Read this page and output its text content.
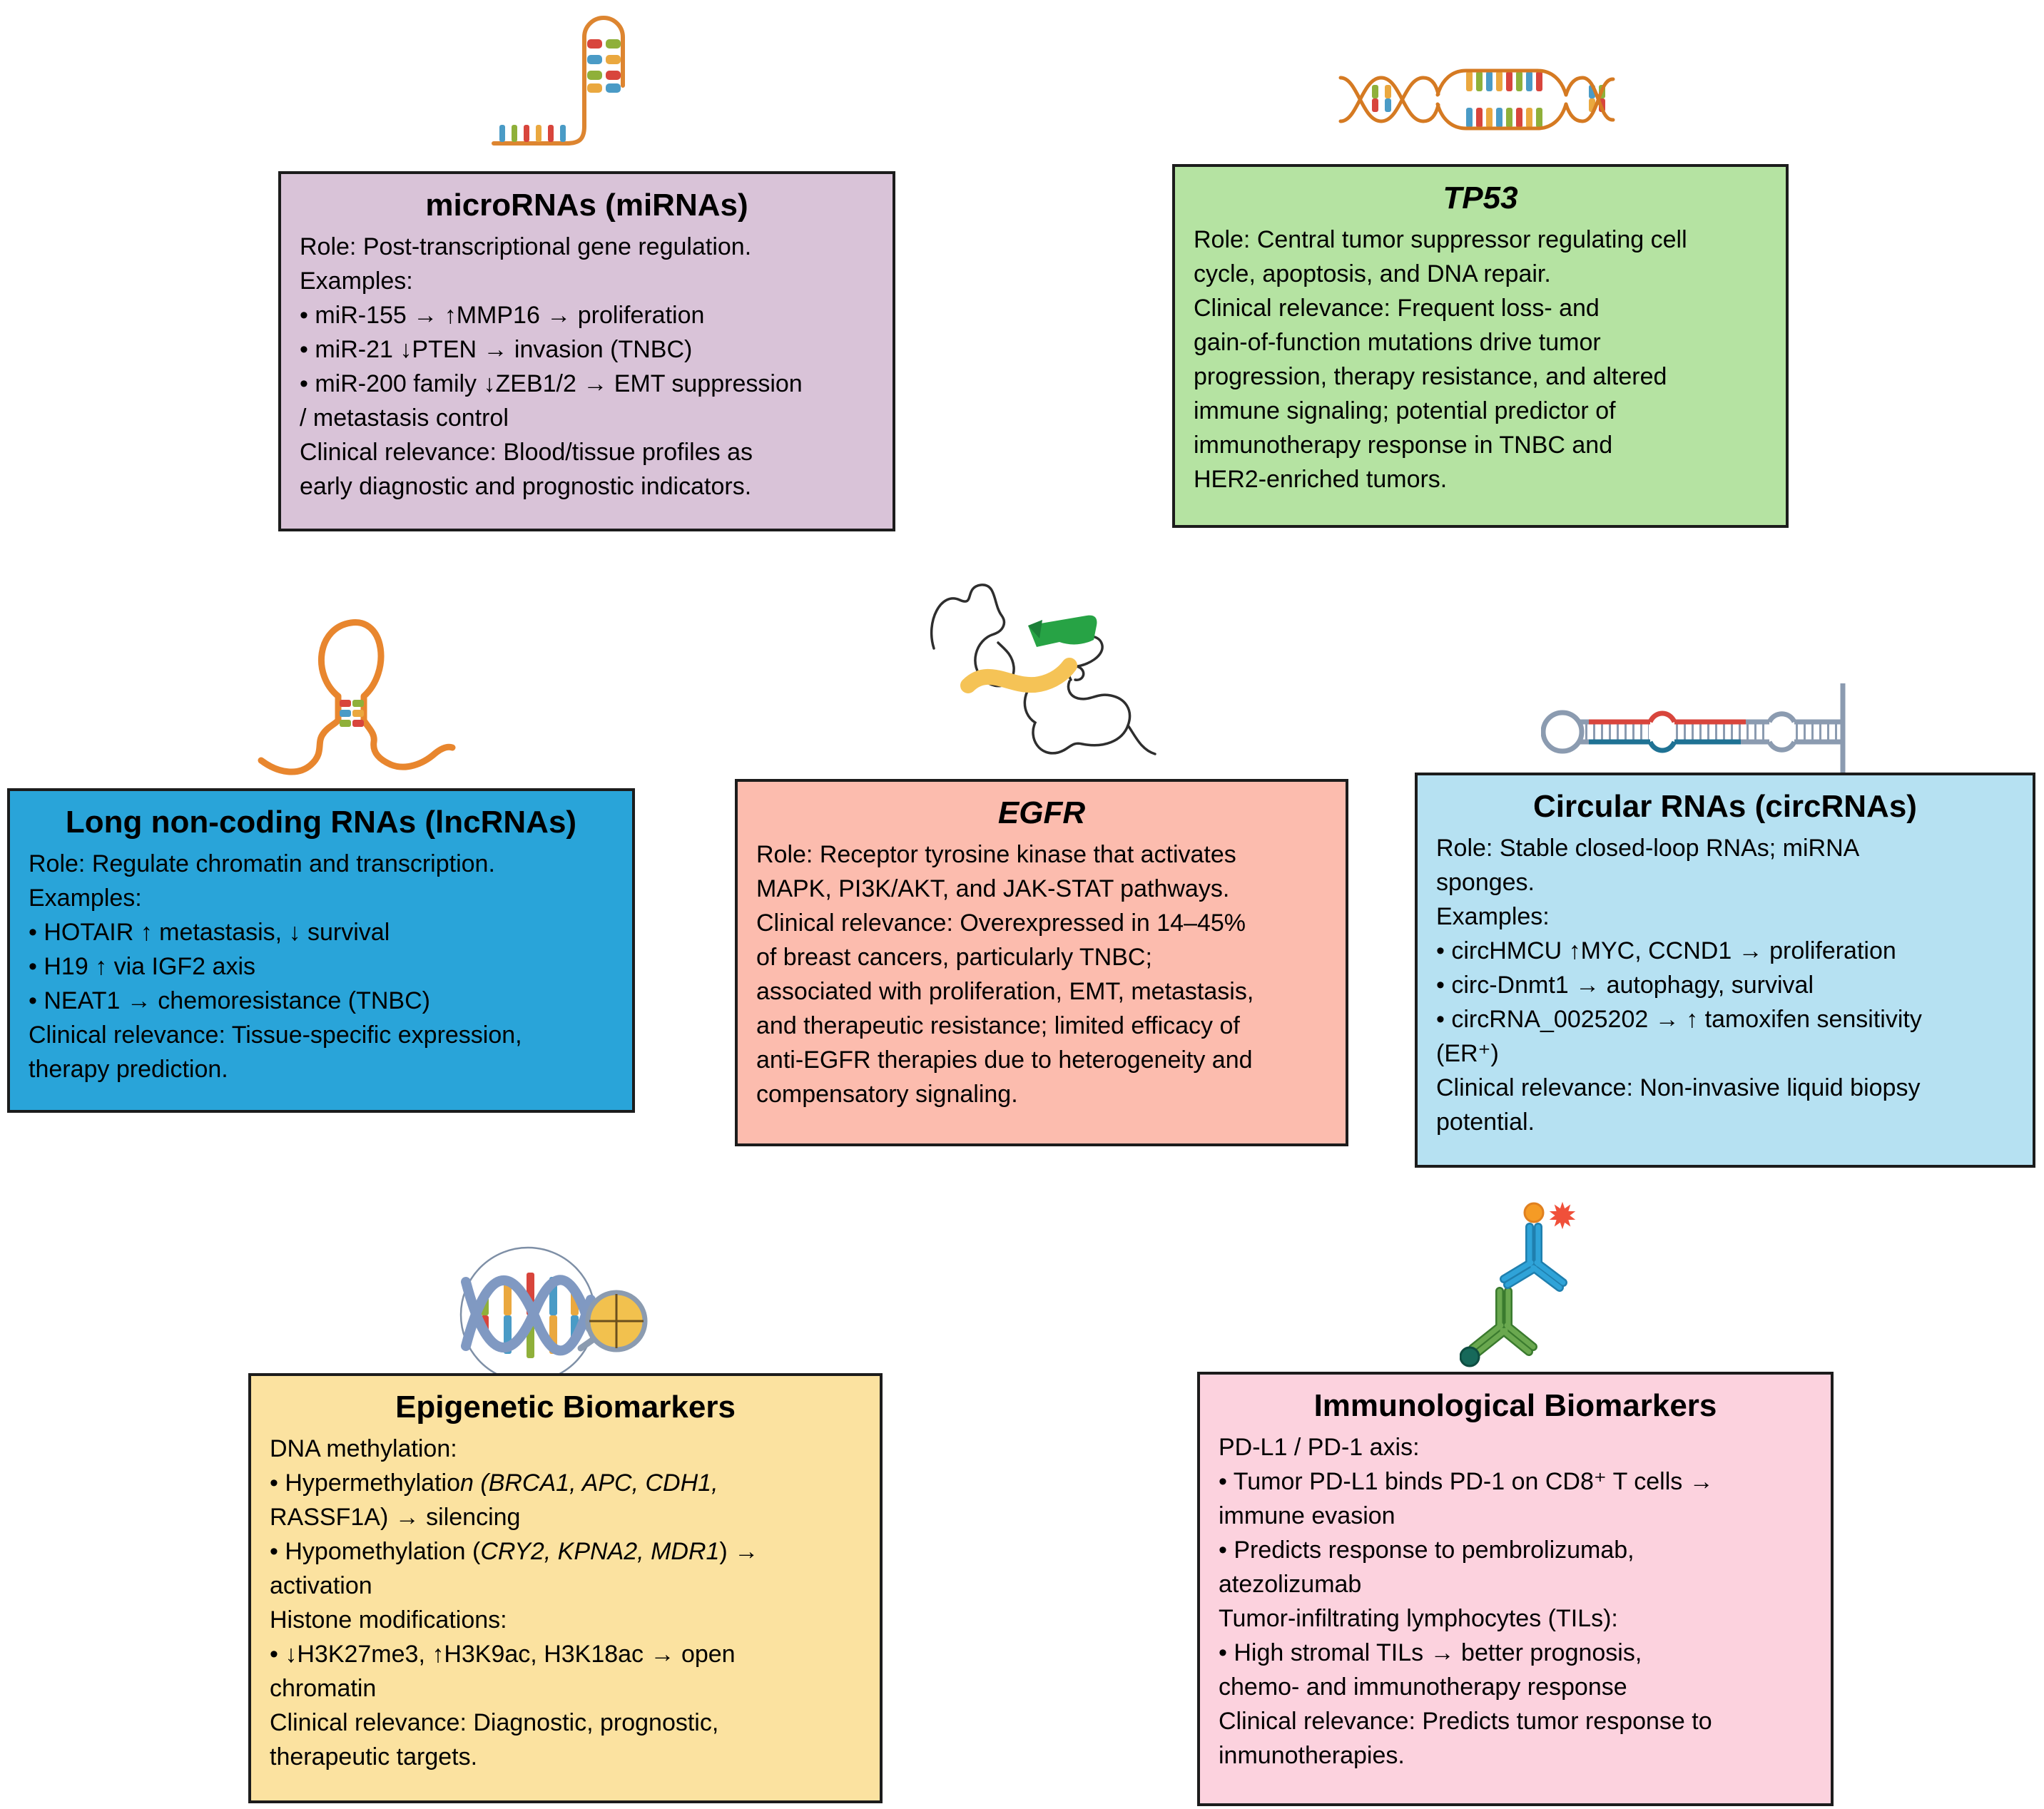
microRNAs (miRNAs)

Role: Post-transcriptional gene regulation.

Examples:

• miR-155 → ↑MMP16 → proliferation

• miR-21 ↓PTEN → invasion (TNBC)

• miR-200 family ↓ZEB1/2 → EMT suppression

/ metastasis control

Clinical relevance: Blood/tissue profiles as

early diagnostic and prognostic indicators.

TP53

Role: Central tumor suppressor regulating cell

cycle, apoptosis, and DNA repair.

Clinical relevance: Frequent loss- and

gain-of-function mutations drive tumor

progression, therapy resistance, and altered

immune signaling; potential predictor of

immunotherapy response in TNBC and

HER2-enriched tumors.

Long non-coding RNAs (lncRNAs)

Role: Regulate chromatin and transcription.

Examples:

• HOTAIR ↑ metastasis, ↓ survival

• H19 ↑ via IGF2 axis

• NEAT1 → chemoresistance (TNBC)

Clinical relevance: Tissue-specific expression,

therapy prediction.

EGFR

Role: Receptor tyrosine kinase that activates

MAPK, PI3K/AKT, and JAK-STAT pathways.

Clinical relevance: Overexpressed in 14–45%

of breast cancers, particularly TNBC;

associated with proliferation, EMT, metastasis,

and therapeutic resistance; limited efficacy of

anti-EGFR therapies due to heterogeneity and

compensatory signaling.

Circular RNAs (circRNAs)

Role: Stable closed-loop RNAs; miRNA

sponges.

Examples:

• circHMCU ↑MYC, CCND1 → proliferation

• circ-Dnmt1 → autophagy, survival

• circRNA_0025202 → ↑ tamoxifen sensitivity

(ER⁺)

Clinical relevance: Non-invasive liquid biopsy

potential.

Epigenetic Biomarkers

DNA methylation:

• Hypermethylation (BRCA1, APC, CDH1,

RASSF1A) → silencing

• Hypomethylation (CRY2, KPNA2, MDR1) →

activation

Histone modifications:

• ↓H3K27me3, ↑H3K9ac, H3K18ac → open

chromatin

Clinical relevance: Diagnostic, prognostic,

therapeutic targets.

Immunological Biomarkers

PD-L1 / PD-1 axis:

• Tumor PD-L1 binds PD-1 on CD8⁺ T cells →

immune evasion

• Predicts response to pembrolizumab,

atezolizumab

Tumor-infiltrating lymphocytes (TILs):

• High stromal TILs → better prognosis,

chemo- and immunotherapy response

Clinical relevance: Predicts tumor response to

inmunotherapies.
